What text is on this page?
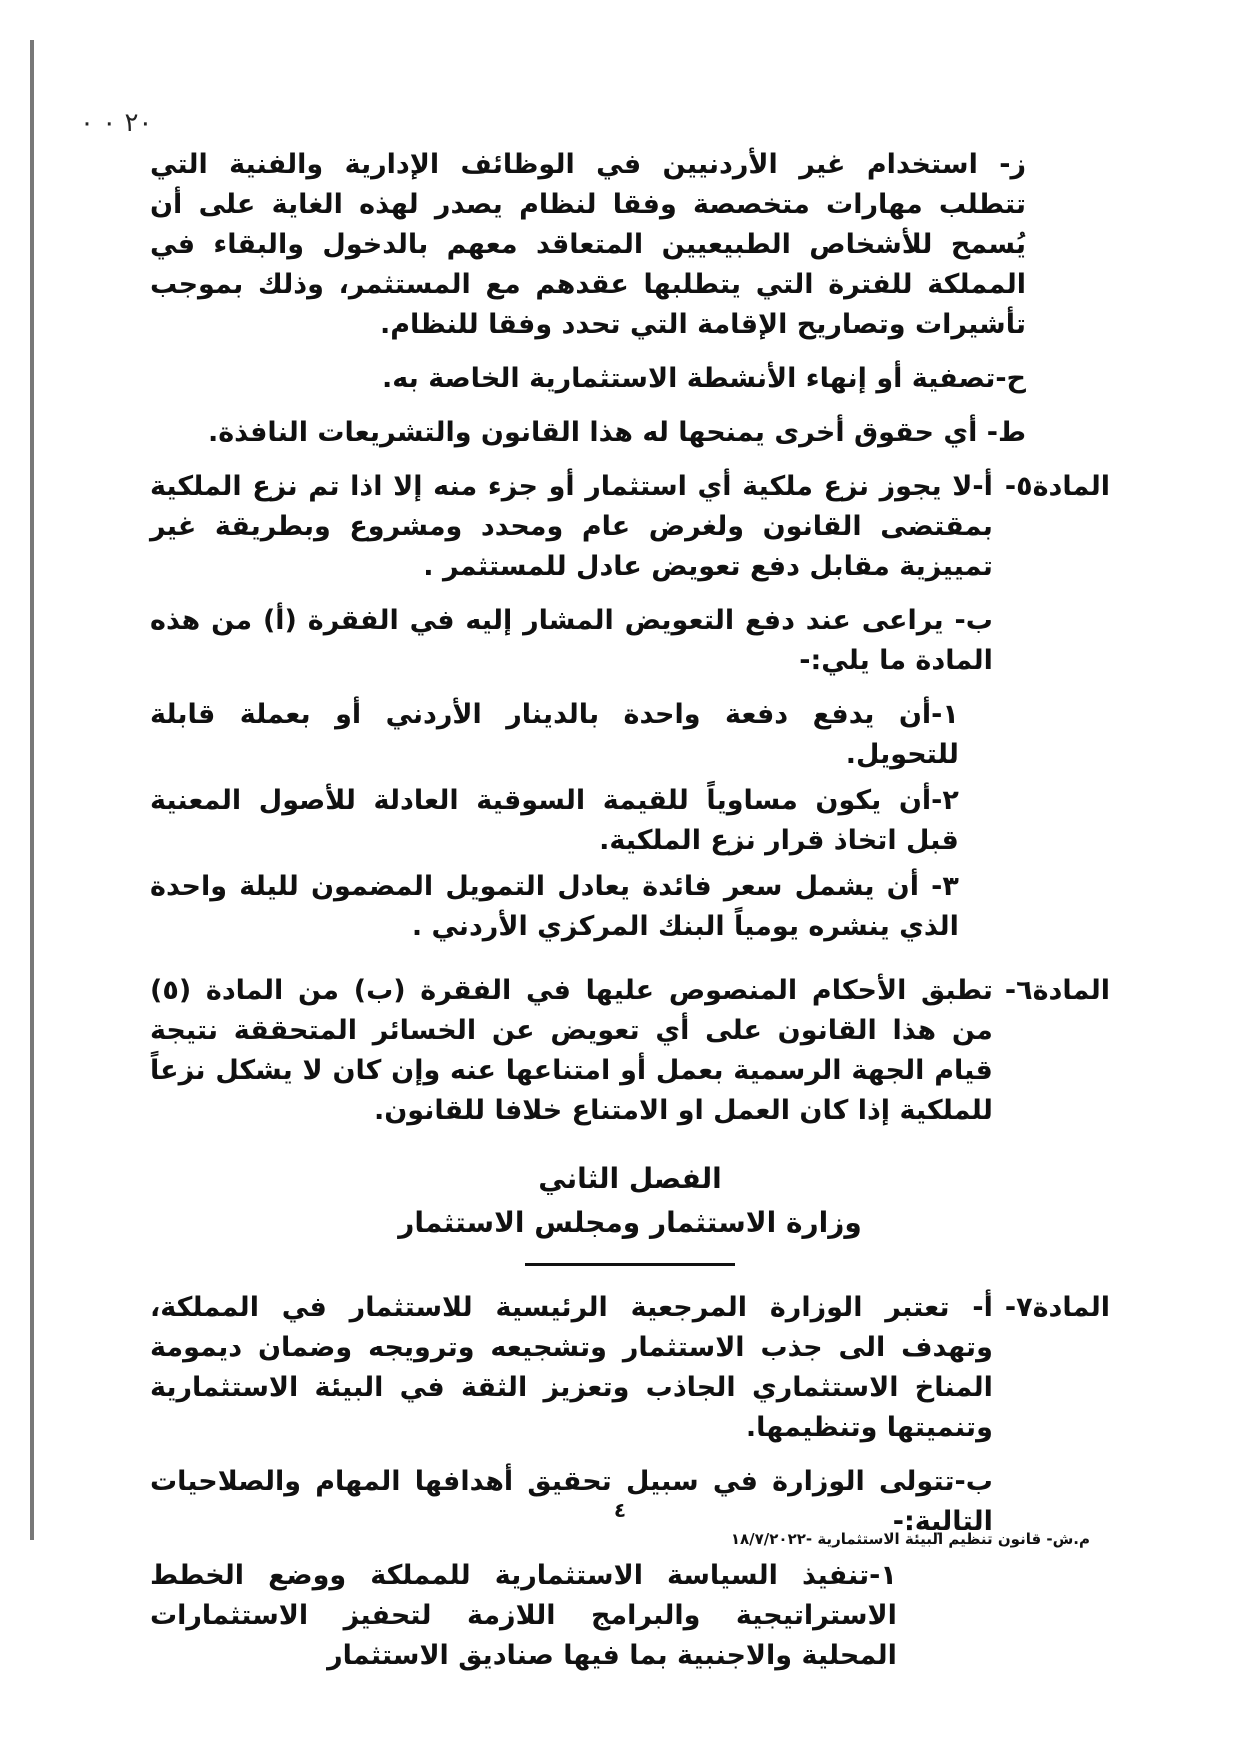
٢٠ ٠ ٠

ز- استخدام غير الأردنيين في الوظائف الإدارية والفنية التي تتطلب مهارات متخصصة وفقا لنظام يصدر لهذه الغاية على أن يُسمح للأشخاص الطبيعيين المتعاقد معهم بالدخول والبقاء في المملكة للفترة التي يتطلبها عقدهم مع المستثمر، وذلك بموجب تأشيرات وتصاريح الإقامة التي تحدد وفقا للنظام.

ح-تصفية أو إنهاء الأنشطة الاستثمارية الخاصة به.

ط- أي حقوق أخرى يمنحها له هذا القانون والتشريعات النافذة.

المادة٥-

أ-لا يجوز نزع ملكية أي استثمار أو جزء منه إلا اذا تم نزع الملكية بمقتضى القانون ولغرض عام ومحدد ومشروع وبطريقة غير تمييزية مقابل دفع تعويض عادل للمستثمر .

ب- يراعى عند دفع التعويض المشار إليه في الفقرة (أ) من هذه المادة ما يلي:-

١-أن يدفع دفعة واحدة بالدينار الأردني أو بعملة قابلة للتحويل.
٢-أن يكون مساوياً للقيمة السوقية العادلة للأصول المعنية قبل اتخاذ قرار نزع الملكية.
٣- أن يشمل سعر فائدة يعادل التمويل المضمون لليلة واحدة الذي ينشره يومياً البنك المركزي الأردني .
المادة٦-
تطبق الأحكام المنصوص عليها في الفقرة (ب) من المادة (٥) من هذا القانون على أي تعويض عن الخسائر المتحققة نتيجة قيام الجهة الرسمية بعمل أو امتناعها عنه وإن كان لا يشكل نزعاً للملكية إذا كان العمل او الامتناع خلافا للقانون.
الفصل الثاني
وزارة الاستثمار ومجلس الاستثمار
المادة٧-

أ- تعتبر الوزارة المرجعية الرئيسية للاستثمار في المملكة، وتهدف الى جذب الاستثمار وتشجيعه وترويجه وضمان ديمومة المناخ الاستثماري الجاذب وتعزيز الثقة في البيئة الاستثمارية وتنميتها وتنظيمها.

ب-تتولى الوزارة في سبيل تحقيق أهدافها المهام والصلاحيات التالية:-

١-تنفيذ السياسة الاستثمارية للمملكة ووضع الخطط الاستراتيجية والبرامج اللازمة لتحفيز الاستثمارات المحلية والاجنبية بما فيها صناديق الاستثمار

٤
م.ش- قانون تنظيم البيئة الاستثمارية -١٨/٧/٢٠٢٢
